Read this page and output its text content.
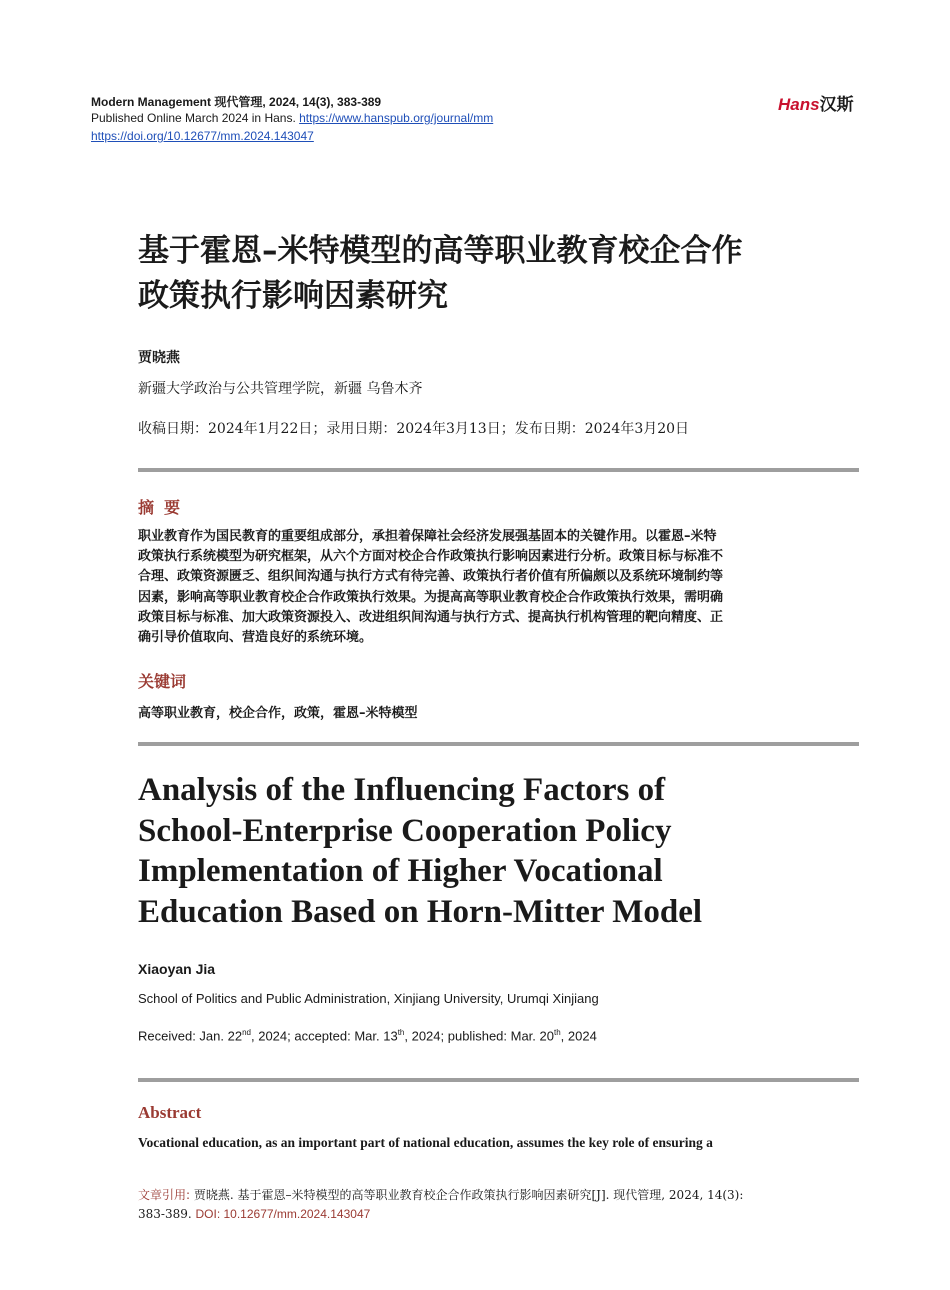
Modern Management 现代管理, 2024, 14(3), 383-389
Published Online March 2024 in Hans. https://www.hanspub.org/journal/mm
https://doi.org/10.12677/mm.2024.143047
Hans汉斯
基于霍恩–米特模型的高等职业教育校企合作
政策执行影响因素研究
贾晓燕
新疆大学政治与公共管理学院，新疆 乌鲁木齐
收稿日期：2024年1月22日；录用日期：2024年3月13日；发布日期：2024年3月20日
摘要
职业教育作为国民教育的重要组成部分，承担着保障社会经济发展强基固本的关键作用。以霍恩–米特
政策执行系统模型为研究框架，从六个方面对校企合作政策执行影响因素进行分析。政策目标与标准不
合理、政策资源匮乏、组织间沟通与执行方式有待完善、政策执行者价值有所偏颇以及系统环境制约等
因素，影响高等职业教育校企合作政策执行效果。为提高高等职业教育校企合作政策执行效果，需明确
政策目标与标准、加大政策资源投入、改进组织间沟通与执行方式、提高执行机构管理的靶向精度、正
确引导价值取向、营造良好的系统环境。
关键词
高等职业教育，校企合作，政策，霍恩–米特模型
Analysis of the Influencing Factors of
School-Enterprise Cooperation Policy
Implementation of Higher Vocational
Education Based on Horn-Mitter Model
Xiaoyan Jia
School of Politics and Public Administration, Xinjiang University, Urumqi Xinjiang
Received: Jan. 22nd, 2024; accepted: Mar. 13th, 2024; published: Mar. 20th, 2024
Abstract
Vocational education, as an important part of national education, assumes the key role of ensuring a
文章引用: 贾晓燕. 基于霍恩–米特模型的高等职业教育校企合作政策执行影响因素研究[J]. 现代管理, 2024, 14(3):
383-389. DOI: 10.12677/mm.2024.143047
